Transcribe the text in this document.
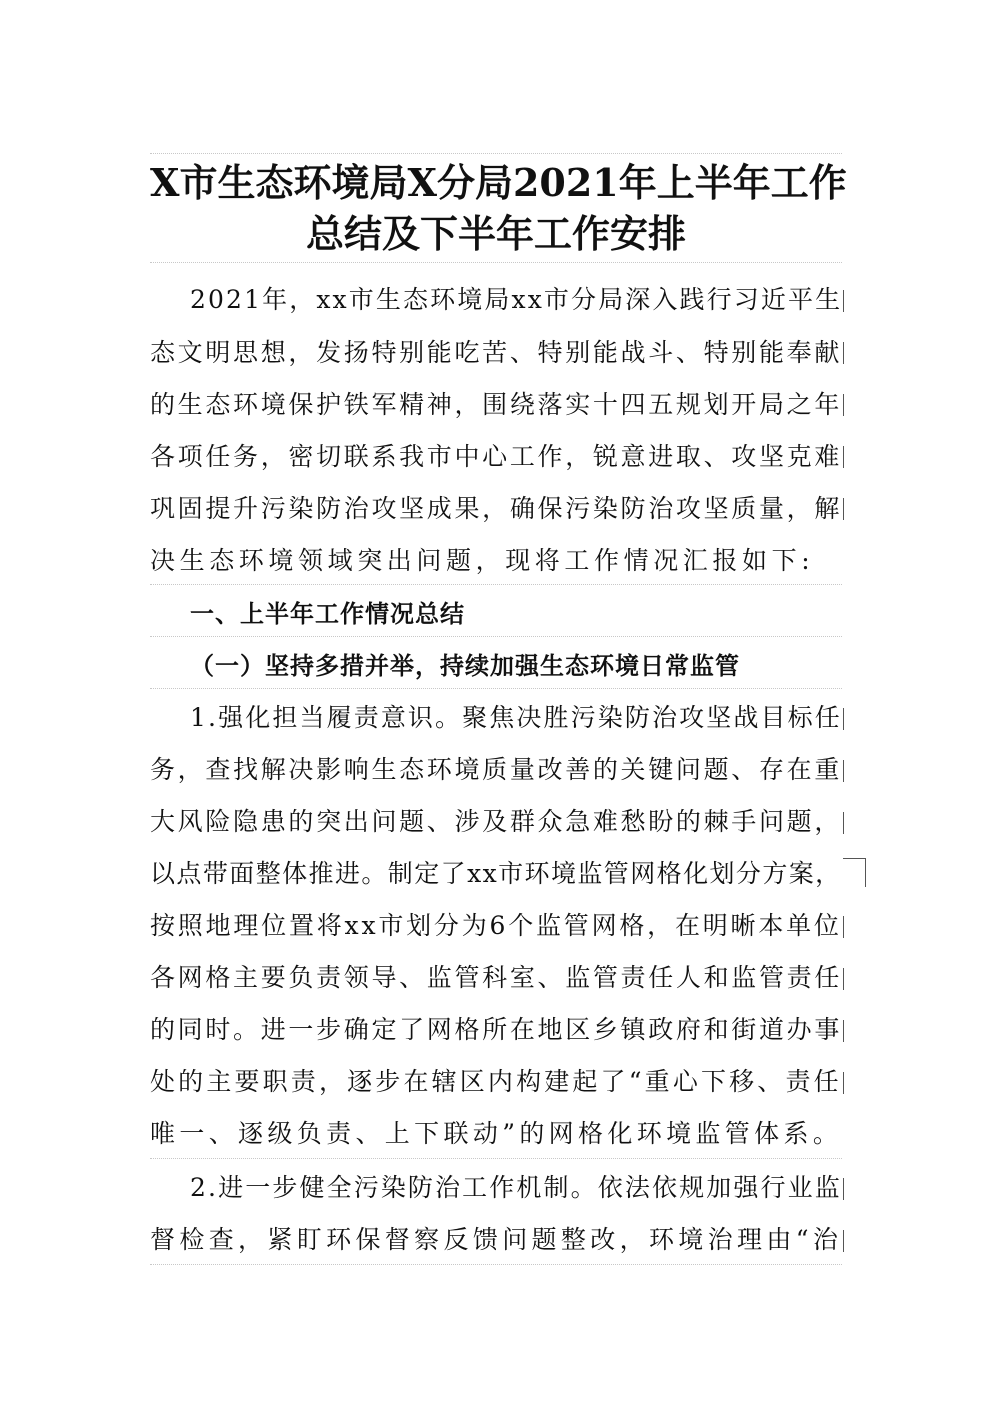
X市生态环境局X分局2021年上半年工作
总结及下半年工作安排
2021年，xx市生态环境局xx市分局深入践行习近平生
态文明思想，发扬特别能吃苦、特别能战斗、特别能奉献
的生态环境保护铁军精神，围绕落实十四五规划开局之年
各项任务，密切联系我市中心工作，锐意进取、攻坚克难
巩固提升污染防治攻坚成果，确保污染防治攻坚质量，解
决生态环境领域突出问题，现将工作情况汇报如下:
一、上半年工作情况总结
（一）坚持多措并举，持续加强生态环境日常监管
1.强化担当履责意识。聚焦决胜污染防治攻坚战目标任
务，查找解决影响生态环境质量改善的关键问题、存在重
大风险隐患的突出问题、涉及群众急难愁盼的棘手问题，
以点带面整体推进。制定了xx市环境监管网格化划分方案，
按照地理位置将xx市划分为6个监管网格，在明晰本单位
各网格主要负责领导、监管科室、监管责任人和监管责任
的同时。进一步确定了网格所在地区乡镇政府和街道办事
处的主要职责，逐步在辖区内构建起了“重心下移、责任
唯一、逐级负责、上下联动”的网格化环境监管体系。
2.进一步健全污染防治工作机制。依法依规加强行业监
督检查，紧盯环保督察反馈问题整改，环境治理由“治
